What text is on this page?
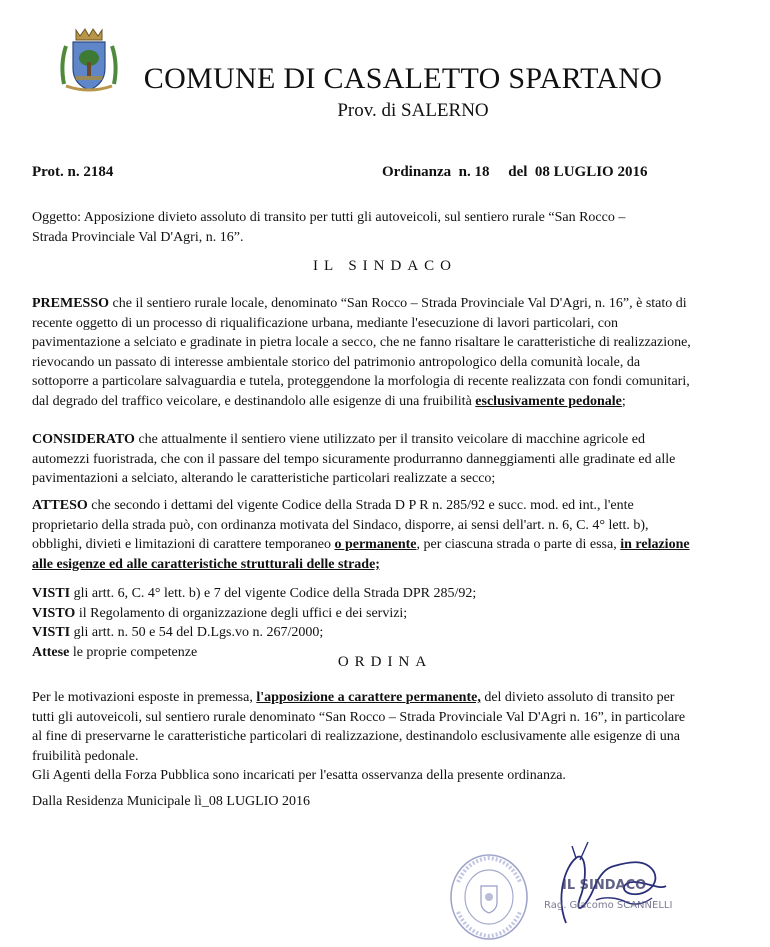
COMUNE DI CASALETTO SPARTANO
Prov. di SALERNO
Prot. n. 2184	Ordinanza  n. 18     del  08 LUGLIO 2016

Oggetto: Apposizione divieto assoluto di transito per tutti gli autoveicoli, sul sentiero rurale “San Rocco –
Strada Provinciale Val D'Agri, n. 16”.

IL SINDACO

PREMESSO che il sentiero rurale locale, denominato “San Rocco – Strada Provinciale Val D'Agri, n. 16”, è stato di recente oggetto di un processo di riqualificazione urbana, mediante l'esecuzione di lavori particolari, con pavimentazione a selciato e gradinate in pietra locale a secco, che ne fanno risaltare le caratteristiche di realizzazione, rievocando un passato di interesse ambientale storico del patrimonio antropologico della comunità locale, da sottoporre a particolare salvaguardia e tutela, proteggendone la morfologia di recente realizzata con fondi comunitari, dal degrado del traffico veicolare, e destinandolo alle esigenze di una fruibilità esclusivamente pedonale;

CONSIDERATO che attualmente il sentiero viene utilizzato per il transito veicolare di macchine agricole ed automezzi fuoristrada, che con il passare del tempo sicuramente produrranno danneggiamenti alle gradinate ed alle pavimentazioni a selciato, alterando le caratteristiche particolari realizzate a secco;

ATTESO che secondo i dettami del vigente Codice della Strada D P R n. 285/92 e succ. mod. ed int., l'ente proprietario della strada può, con ordinanza motivata del Sindaco, disporre, ai sensi dell'art. n. 6, C. 4° lett. b), obblighi, divieti e limitazioni di carattere temporaneo o permanente, per ciascuna strada o parte di essa, in relazione alle esigenze ed alle caratteristiche strutturali delle strade;

VISTI gli artt. 6, C. 4° lett. b) e 7 del vigente Codice della Strada DPR 285/92;
VISTO il Regolamento di organizzazione degli uffici e dei servizi;
VISTI gli artt. n. 50 e 54 del D.Lgs.vo n. 267/2000;
Attese le proprie competenze

ORDINA

Per le motivazioni esposte in premessa, l'apposizione a carattere permanente, del divieto assoluto di transito per tutti gli autoveicoli, sul sentiero rurale denominato “San Rocco – Strada Provinciale Val D'Agri n. 16”, in particolare al fine di preservarne le caratteristiche particolari di realizzazione, destinandolo esclusivamente alle esigenze di una fruibilità pedonale.
Gli Agenti della Forza Pubblica sono incaricati per l'esatta osservanza della presente ordinanza.

Dalla Residenza Municipale lì_08 LUGLIO 2016

IL SINDACO
Rag. Giacomo SCANNELLI
